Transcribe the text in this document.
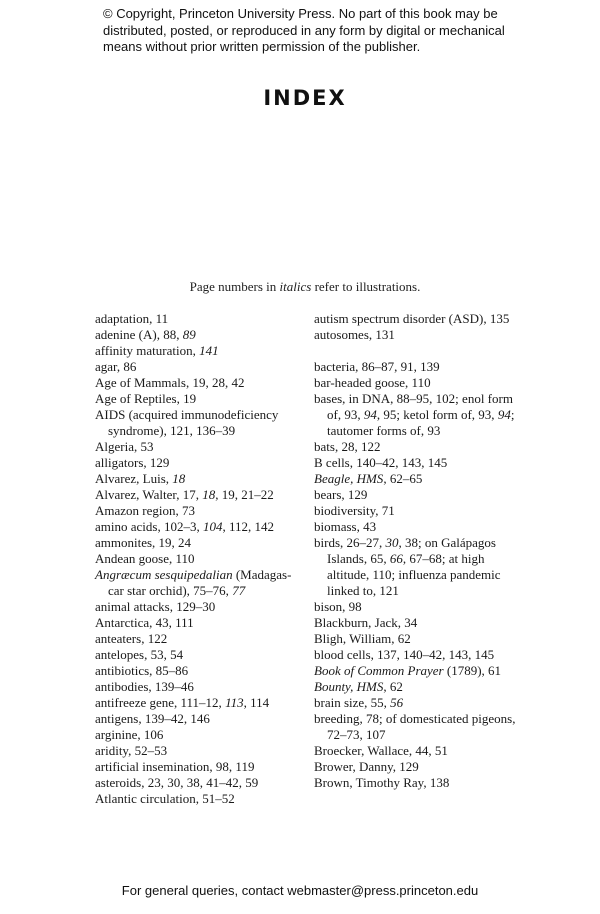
© Copyright, Princeton University Press. No part of this book may be distributed, posted, or reproduced in any form by digital or mechanical means without prior written permission of the publisher.

INDEX

Page numbers in italics refer to illustrations.

adaptation, 11

adenine (A), 88, 89

affinity maturation, 141

agar, 86

Age of Mammals, 19, 28, 42

Age of Reptiles, 19

AIDS (acquired immunodeficiency syndrome), 121, 136–39

Algeria, 53

alligators, 129

Alvarez, Luis, 18

Alvarez, Walter, 17, 18, 19, 21–22

Amazon region, 73

amino acids, 102–3, 104, 112, 142

ammonites, 19, 24

Andean goose, 110

Angræcum sesquipedalian (Madagas- car star orchid), 75–76, 77

animal attacks, 129–30

Antarctica, 43, 111

anteaters, 122

antelopes, 53, 54

antibiotics, 85–86

antibodies, 139–46

antifreeze gene, 111–12, 113, 114

antigens, 139–42, 146

arginine, 106

aridity, 52–53

artificial insemination, 98, 119

asteroids, 23, 30, 38, 41–42, 59

Atlantic circulation, 51–52

autism spectrum disorder (ASD), 135

autosomes, 131

bacteria, 86–87, 91, 139

bar-headed goose, 110

bases, in DNA, 88–95, 102; enol form of, 93, 94, 95; ketol form of, 93, 94; tautomer forms of, 93

bats, 28, 122

B cells, 140–42, 143, 145

Beagle, HMS, 62–65

bears, 129

biodiversity, 71

biomass, 43

birds, 26–27, 30, 38; on Galápagos Islands, 65, 66, 67–68; at high altitude, 110; influenza pandemic linked to, 121

bison, 98

Blackburn, Jack, 34

Bligh, William, 62

blood cells, 137, 140–42, 143, 145

Book of Common Prayer (1789), 61

Bounty, HMS, 62

brain size, 55, 56

breeding, 78; of domesticated pigeons, 72–73, 107

Broecker, Wallace, 44, 51

Brower, Danny, 129

Brown, Timothy Ray, 138

For general queries, contact webmaster@press.princeton.edu
